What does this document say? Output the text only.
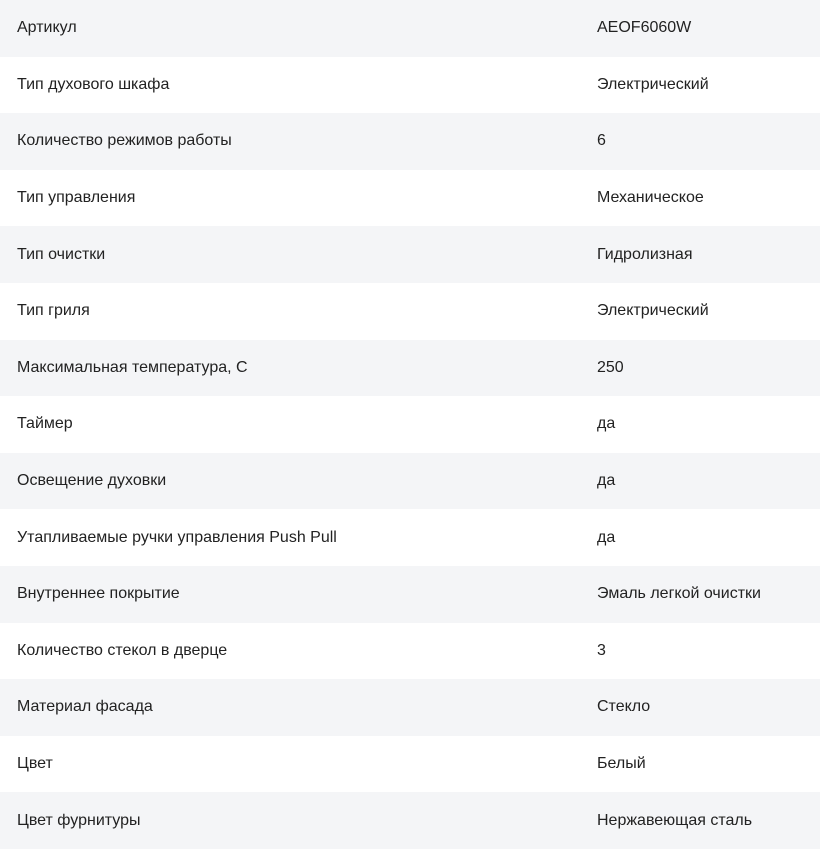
Артикул	AEOF6060W
Тип духового шкафа	Электрический
Количество режимов работы	6
Тип управления	Механическое
Тип очистки	Гидролизная
Тип гриля	Электрический
Максимальная температура, С	250
Таймер	да
Освещение духовки	да
Утапливаемые ручки управления Push Pull	да
Внутреннее покрытие	Эмаль легкой очистки
Количество стекол в дверце	3
Материал фасада	Стекло
Цвет	Белый
Цвет фурнитуры	Нержавеющая сталь
